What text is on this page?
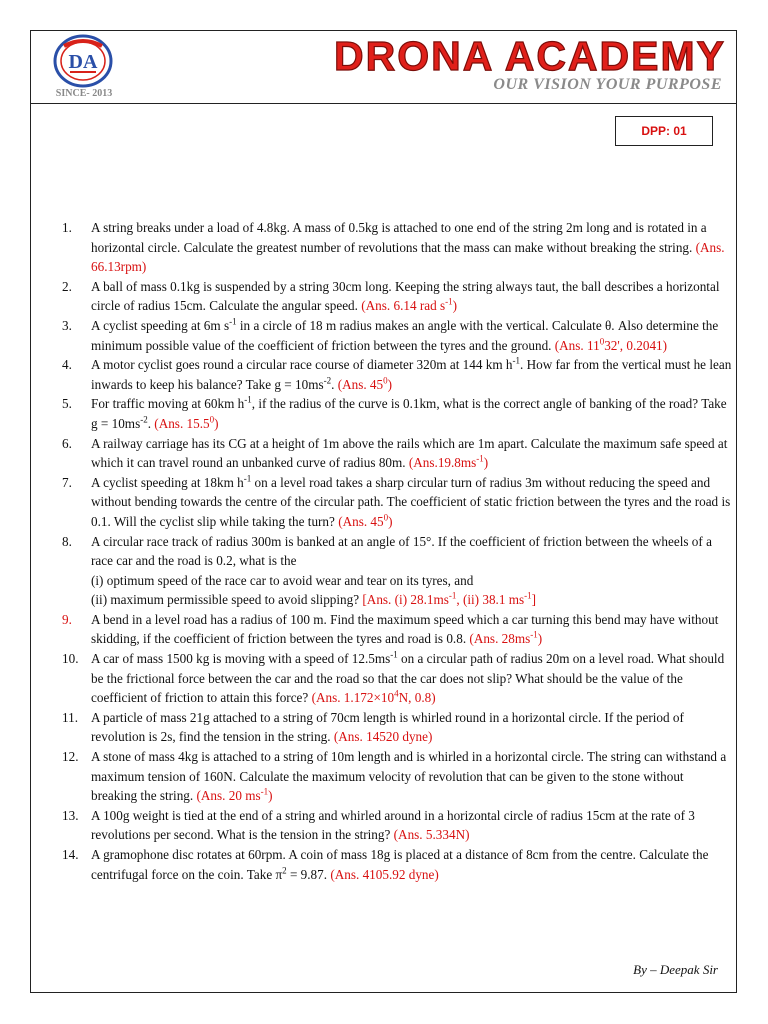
DA
SINCE- 2013
DRONA ACADEMY
OUR VISION YOUR PURPOSE
DPP: 01
1.	A string breaks under a load of 4.8kg. A mass of 0.5kg is attached to one end of the string 2m long and is rotated in a horizontal circle. Calculate the greatest number of revolutions that the mass can make without breaking the string. (Ans. 66.13rpm)
2.	A ball of mass 0.1kg is suspended by a string 30cm long. Keeping the string always taut, the ball describes a horizontal circle of radius 15cm. Calculate the angular speed. (Ans. 6.14 rad $s^{-1}$)
3.	A cyclist speeding at 6m $s^{-1}$ in a circle of 18 m radius makes an angle with the vertical. Calculate θ. Also determine the minimum possible value of the coefficient of friction between the tyres and the ground. (Ans. $11^032'$, 0.2041)
4.	A motor cyclist goes round a circular race course of diameter 320m at 144 km $h^{-1}$. How far from the vertical must he lean inwards to keep his balance? Take $g = 10ms^{-2}$. (Ans. $45^0$)
5.	For traffic moving at 60km $h^{-1}$, if the radius of the curve is 0.1km, what is the correct angle of banking of the road? Take $g = 10ms^{-2}$. (Ans. 15.5$^0$)
6.	A railway carriage has its CG at a height of 1m above the rails which are 1m apart. Calculate the maximum safe speed at which it can travel round an unbanked curve of radius 80m. $(Ans.19.8ms^{-1})$
7.	A cyclist speeding at 18km $h^{-1}$ on a level road takes a sharp circular turn of radius 3m without reducing the speed and without bending towards the centre of the circular path. The coefficient of static friction between the tyres and the road is 0.1. Will the cyclist slip while taking the turn? (Ans. $45^0$)
8.	A circular race track of radius 300m is banked at an angle of 15°. If the coefficient of friction between the wheels of a race car and the road is 0.2, what is the
(i) optimum speed of the race car to avoid wear and tear on its tyres, and
(ii) maximum permissible speed to avoid slipping? [Ans. (i) $28.1ms^{-1}$, (ii) 38.1 $ms^{-1}$]
9.	A bend in a level road has a radius of 100 m. Find the maximum speed which a car turning this bend may have without skidding, if the coefficient of friction between the tyres and road is 0.8. (Ans. $28ms^{-1}$)
10. A car of mass 1500 kg is moving with a speed of $12.5ms^{-1}$ on a circular path of radius 20m on a level road. What should be the frictional force between the car and the road so that the car does not slip? What should be the value of the coefficient of friction to attain this force? (Ans. $1.172\times 10^4N$, 0.8)
11. A particle of mass 21g attached to a string of 70cm length is whirled round in a horizontal circle. If the period of revolution is 2s, find the tension in the string. (Ans. 14520 dyne)
12. A stone of mass 4kg is attached to a string of 10m length and is whirled in a horizontal circle. The string can withstand a maximum tension of 160N. Calculate the maximum velocity of revolution that can be given to the stone without breaking the string. (Ans. 20 $ms^{-1}$)
13. A 100g weight is tied at the end of a string and whirled around in a horizontal circle of radius 15cm at the rate of 3 revolutions per second. What is the tension in the string? (Ans. 5.334N)
14. A gramophone disc rotates at 60rpm. A coin of mass 18g is placed at a distance of 8cm from the centre. Calculate the centrifugal force on the coin. Take $\pi^2 = 9.87$. (Ans. 4105.92 dyne)
By – Deepak Sir
